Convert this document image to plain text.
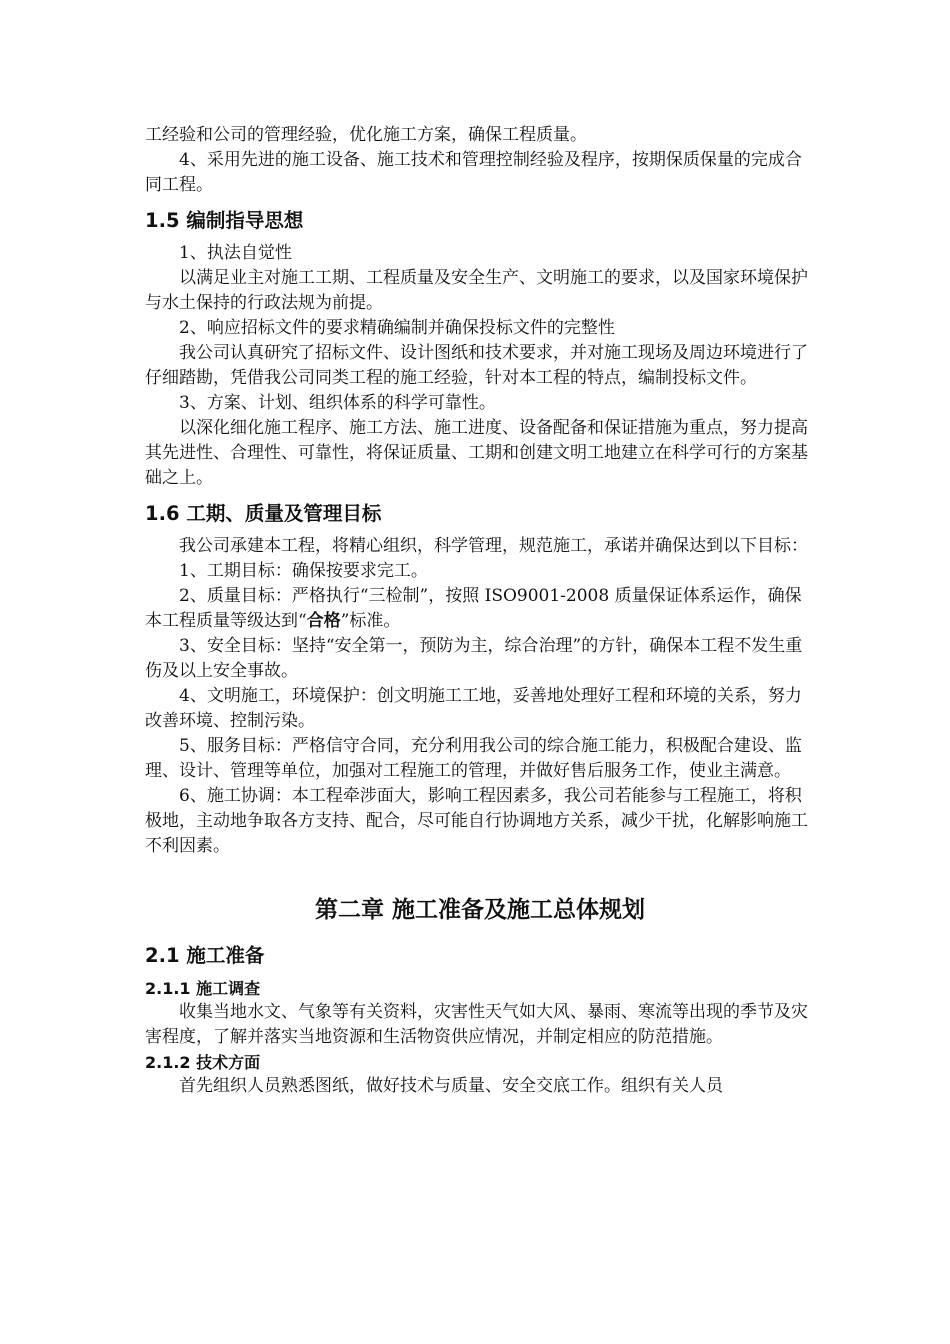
工经验和公司的管理经验，优化施工方案，确保工程质量。

4、采用先进的施工设备、施工技术和管理控制经验及程序，按期保质保量的完成合同工程。

1.5 编制指导思想

1、执法自觉性

以满足业主对施工工期、工程质量及安全生产、文明施工的要求，以及国家环境保护与水土保持的行政法规为前提。

2、响应招标文件的要求精确编制并确保投标文件的完整性

我公司认真研究了招标文件、设计图纸和技术要求，并对施工现场及周边环境进行了仔细踏勘，凭借我公司同类工程的施工经验，针对本工程的特点，编制投标文件。

3、方案、计划、组织体系的科学可靠性。

以深化细化施工程序、施工方法、施工进度、设备配备和保证措施为重点，努力提高其先进性、合理性、可靠性，将保证质量、工期和创建文明工地建立在科学可行的方案基础之上。

1.6 工期、质量及管理目标

我公司承建本工程，将精心组织，科学管理，规范施工，承诺并确保达到以下目标：

1、工期目标：确保按要求完工。

2、质量目标：严格执行“三检制”，按照 ISO9001-2008 质量保证体系运作，确保本工程质量等级达到“合格”标准。

3、安全目标：坚持“安全第一，预防为主，综合治理”的方针，确保本工程不发生重伤及以上安全事故。

4、文明施工，环境保护：创文明施工工地，妥善地处理好工程和环境的关系，努力改善环境、控制污染。

5、服务目标：严格信守合同，充分利用我公司的综合施工能力，积极配合建设、监理、设计、管理等单位，加强对工程施工的管理，并做好售后服务工作，使业主满意。

6、施工协调：本工程牵涉面大，影响工程因素多，我公司若能参与工程施工，将积极地，主动地争取各方支持、配合，尽可能自行协调地方关系，减少干扰，化解影响施工不利因素。

第二章 施工准备及施工总体规划

2.1 施工准备

2.1.1 施工调查

收集当地水文、气象等有关资料，灾害性天气如大风、暴雨、寒流等出现的季节及灾害程度，了解并落实当地资源和生活物资供应情况，并制定相应的防范措施。

2.1.2 技术方面

首先组织人员熟悉图纸，做好技术与质量、安全交底工作。组织有关人员
